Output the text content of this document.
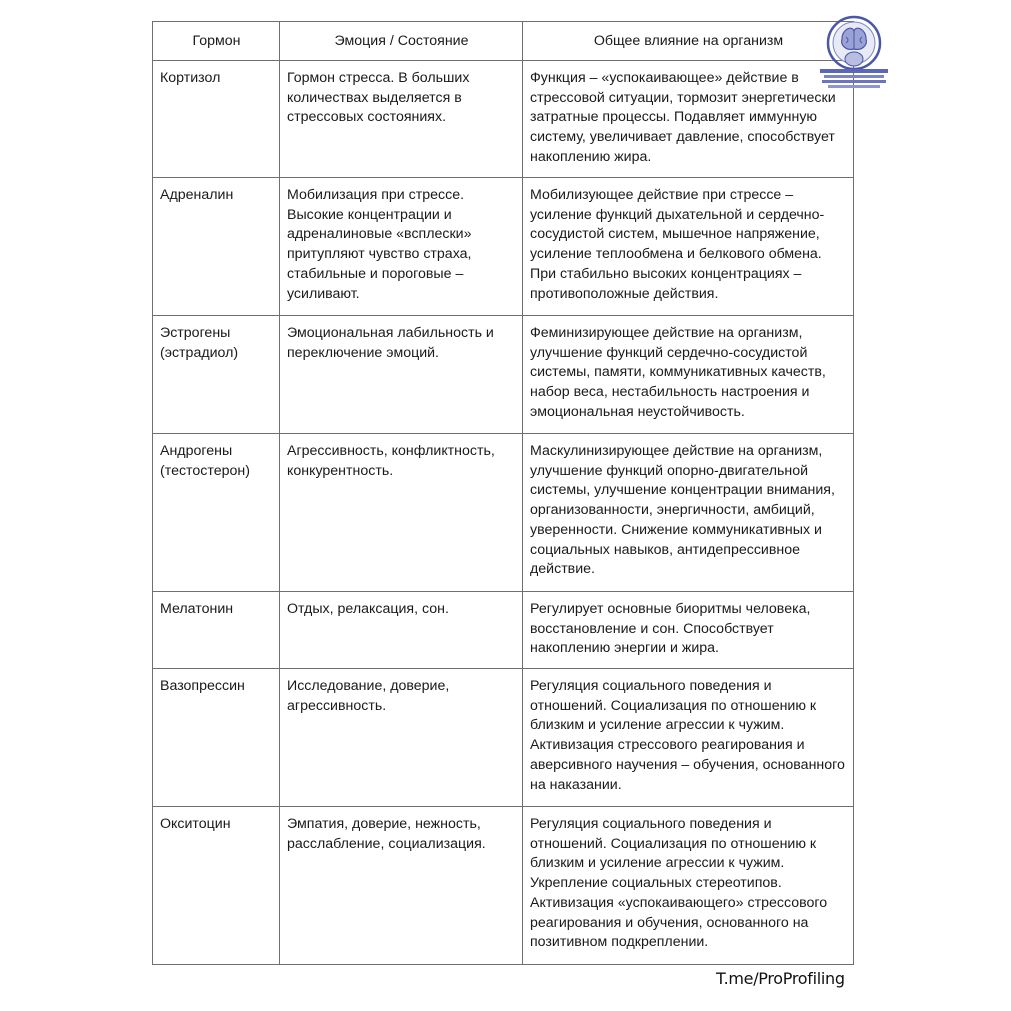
Гормон	Эмоция / Состояние	Общее влияние на организм
Кортизол	Гормон стресса. В больших количествах выделяется в стрессовых состояниях.	Функция – «успокаивающее» действие в стрессовой ситуации, тормозит энергетически затратные процессы. Подавляет иммунную систему, увеличивает давление, способствует накоплению жира.
Адреналин	Мобилизация при стрессе. Высокие концентрации и адреналиновые «всплески» притупляют чувство страха, стабильные и пороговые – усиливают.	Мобилизующее действие при стрессе – усиление функций дыхательной и сердечно-сосудистой систем, мышечное напряжение, усиление теплообмена и белкового обмена. При стабильно высоких концентрациях – противоположные действия.
Эстрогены (эстрадиол)	Эмоциональная лабильность и переключение эмоций.	Феминизирующее действие на организм, улучшение функций сердечно-сосудистой системы, памяти, коммуникативных качеств, набор веса, нестабильность настроения и эмоциональная неустойчивость.
Андрогены (тестостерон)	Агрессивность, конфликтность, конкурентность.	Маскулинизирующее действие на организм, улучшение функций опорно-двигательной системы, улучшение концентрации внимания, организованности, энергичности, амбиций, уверенности. Снижение коммуникативных и социальных навыков, антидепрессивное действие.
Мелатонин	Отдых, релаксация, сон.	Регулирует основные биоритмы человека, восстановление и сон. Способствует накоплению энергии и жира.
Вазопрессин	Исследование, доверие, агрессивность.	Регуляция социального поведения и отношений. Социализация по отношению к близким и усиление агрессии к чужим. Активизация стрессового реагирования и аверсивного научения – обучения, основанного на наказании.
Окситоцин	Эмпатия, доверие, нежность, расслабление, социализация.	Регуляция социального поведения и отношений. Социализация по отношению к близким и усиление агрессии к чужим. Укрепление социальных стереотипов. Активизация «успокаивающего» стрессового реагирования и обучения, основанного на позитивном подкреплении.
T.me/ProProfiling
